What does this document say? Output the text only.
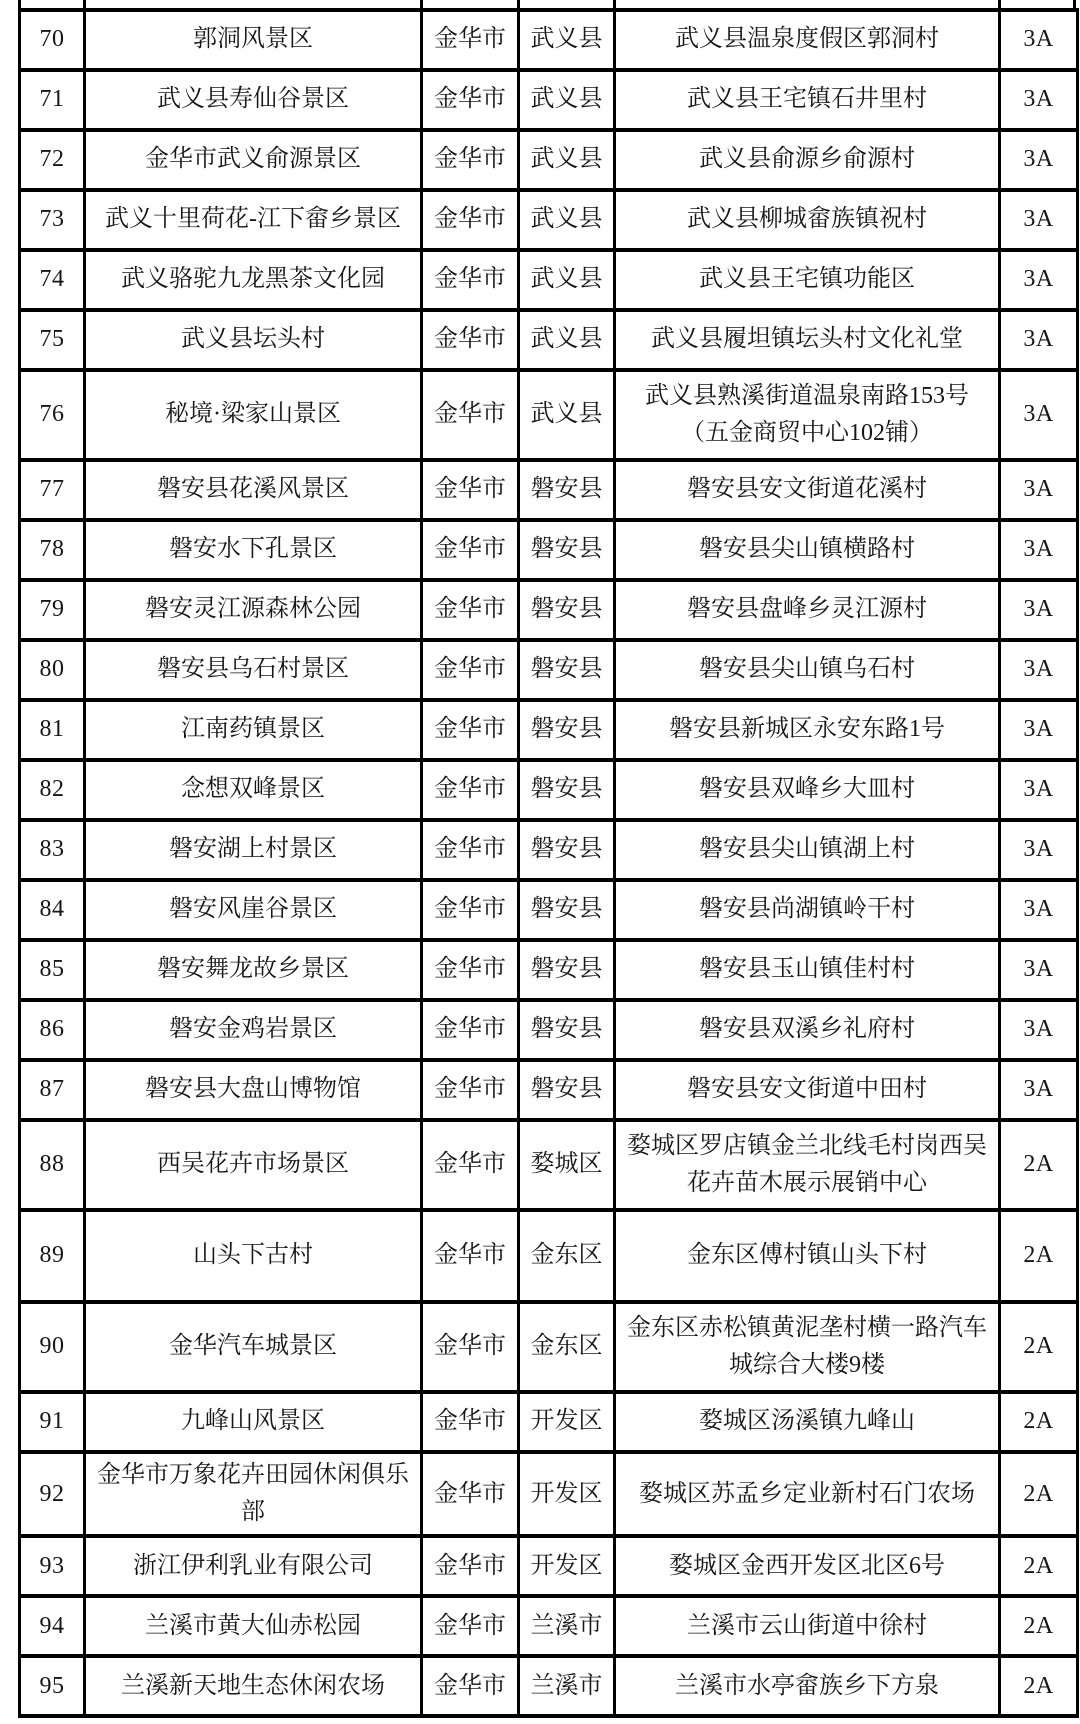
70	郭洞风景区	金华市	武义县	武义县温泉度假区郭洞村	3A
71	武义县寿仙谷景区	金华市	武义县	武义县王宅镇石井里村	3A
72	金华市武义俞源景区	金华市	武义县	武义县俞源乡俞源村	3A
73	武义十里荷花-江下畲乡景区	金华市	武义县	武义县柳城畲族镇祝村	3A
74	武义骆驼九龙黑茶文化园	金华市	武义县	武义县王宅镇功能区	3A
75	武义县坛头村	金华市	武义县	武义县履坦镇坛头村文化礼堂	3A
76	秘境·梁家山景区	金华市	武义县	武义县熟溪街道温泉南路153号（五金商贸中心102铺）	3A
77	磐安县花溪风景区	金华市	磐安县	磐安县安文街道花溪村	3A
78	磐安水下孔景区	金华市	磐安县	磐安县尖山镇横路村	3A
79	磐安灵江源森林公园	金华市	磐安县	磐安县盘峰乡灵江源村	3A
80	磐安县乌石村景区	金华市	磐安县	磐安县尖山镇乌石村	3A
81	江南药镇景区	金华市	磐安县	磐安县新城区永安东路1号	3A
82	念想双峰景区	金华市	磐安县	磐安县双峰乡大皿村	3A
83	磐安湖上村景区	金华市	磐安县	磐安县尖山镇湖上村	3A
84	磐安风崖谷景区	金华市	磐安县	磐安县尚湖镇岭干村	3A
85	磐安舞龙故乡景区	金华市	磐安县	磐安县玉山镇佳村村	3A
86	磐安金鸡岩景区	金华市	磐安县	磐安县双溪乡礼府村	3A
87	磐安县大盘山博物馆	金华市	磐安县	磐安县安文街道中田村	3A
88	西吴花卉市场景区	金华市	婺城区	婺城区罗店镇金兰北线毛村岗西吴花卉苗木展示展销中心	2A
89	山头下古村	金华市	金东区	金东区傅村镇山头下村	2A
90	金华汽车城景区	金华市	金东区	金东区赤松镇黄泥垄村横一路汽车城综合大楼9楼	2A
91	九峰山风景区	金华市	开发区	婺城区汤溪镇九峰山	2A
92	金华市万象花卉田园休闲俱乐部	金华市	开发区	婺城区苏孟乡定业新村石门农场	2A
93	浙江伊利乳业有限公司	金华市	开发区	婺城区金西开发区北区6号	2A
94	兰溪市黄大仙赤松园	金华市	兰溪市	兰溪市云山街道中徐村	2A
95	兰溪新天地生态休闲农场	金华市	兰溪市	兰溪市水亭畲族乡下方泉	2A
